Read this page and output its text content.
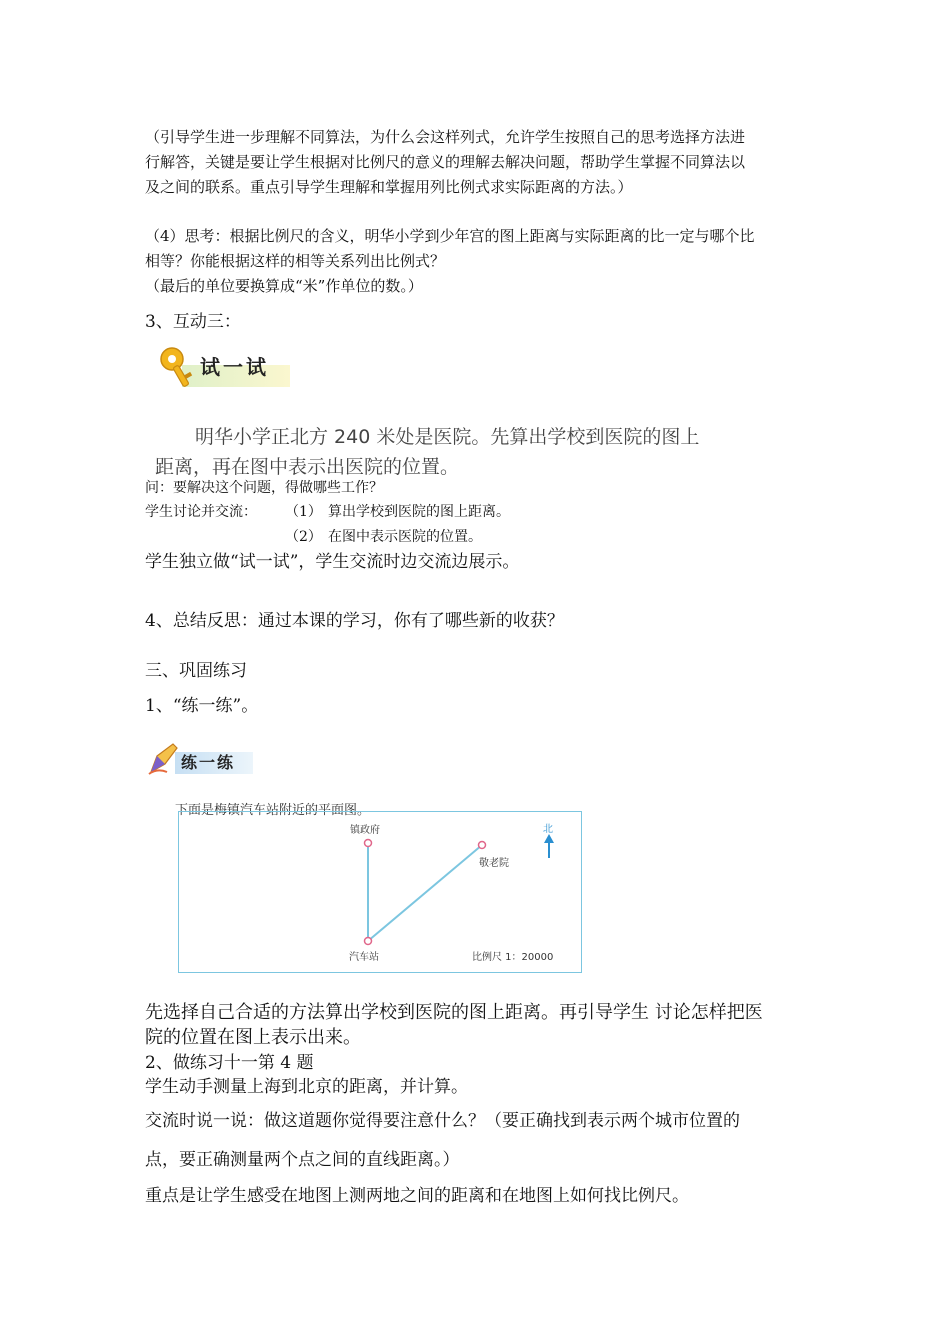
（引导学生进一步理解不同算法，为什么会这样列式，允许学生按照自己的思考选择方法进

行解答，关键是要让学生根据对比例尺的意义的理解去解决问题，帮助学生掌握不同算法以

及之间的联系。重点引导学生理解和掌握用列比例式求实际距离的方法。）

（4）思考：根据比例尺的含义，明华小学到少年宫的图上距离与实际距离的比一定与哪个比

相等？你能根据这样的相等关系列出比例式？

（最后的单位要换算成“米”作单位的数。）

3、互动三：

试一试

明华小学正北方 240 米处是医院。先算出学校到医院的图上

距离，再在图中表示出医院的位置。

问：要解决这个问题，得做哪些工作？

学生讨论并交流： （1） 算出学校到医院的图上距离。

（2） 在图中表示医院的位置。

学生独立做“试一试”，学生交流时边交流边展示。

4、总结反思：通过本课的学习，你有了哪些新的收获？

三、巩固练习

1、“练一练”。

练一练

下面是梅镇汽车站附近的平面图。

镇政府
敬老院
汽车站
北
比例尺 1：20000

先选择自己合适的方法算出学校到医院的图上距离。再引导学生 讨论怎样把医

院的位置在图上表示出来。

2、做练习十一第 4 题

学生动手测量上海到北京的距离，并计算。

交流时说一说：做这道题你觉得要注意什么？（要正确找到表示两个城市位置的

点，要正确测量两个点之间的直线距离。）

重点是让学生感受在地图上测两地之间的距离和在地图上如何找比例尺。
